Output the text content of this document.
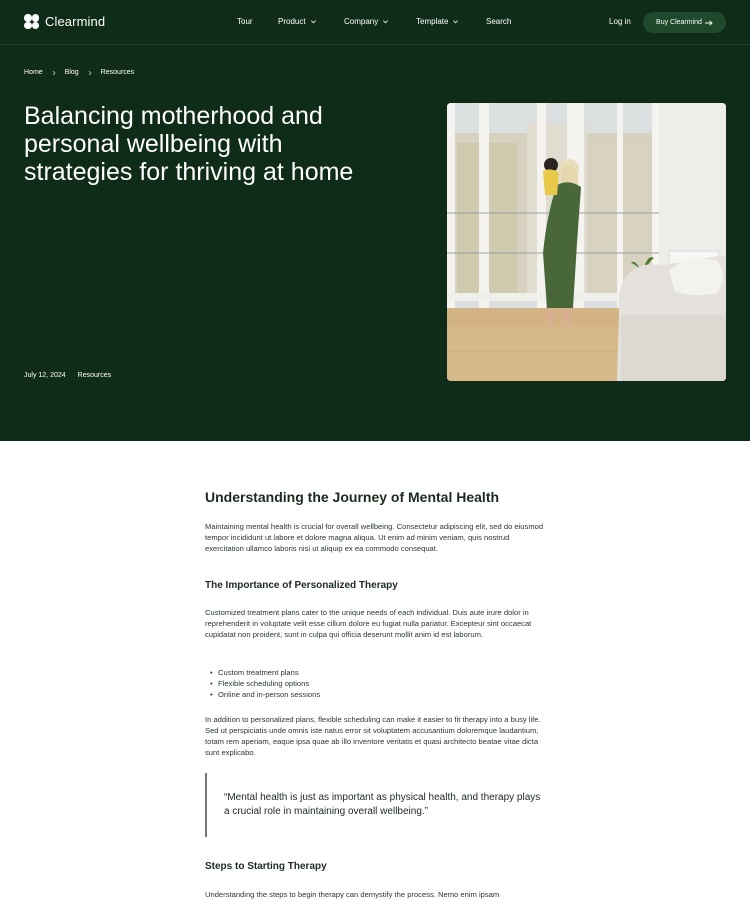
Clearmind	Tour	Product	Company	Template	Search	Log in	Buy Clearmind
Home	Blog	Resources
Balancing motherhood and personal wellbeing with strategies for thriving at home
July 12, 2024 Resources
Understanding the Journey of Mental Health

Maintaining mental health is crucial for overall wellbeing. Consectetur adipiscing elit, sed do eiusmod tempor incididunt ut labore et dolore magna aliqua. Ut enim ad minim veniam, quis nostrud exercitation ullamco laboris nisi ut aliquip ex ea commodo consequat.

The Importance of Personalized Therapy

Customized treatment plans cater to the unique needs of each individual. Duis aute irure dolor in reprehenderit in voluptate velit esse cillum dolore eu fugiat nulla pariatur. Excepteur sint occaecat cupidatat non proident, sunt in culpa qui officia deserunt mollit anim id est laborum.

• Custom treatment plans
• Flexible scheduling options
• Online and in-person sessions

In addition to personalized plans, flexible scheduling can make it easier to fit therapy into a busy life. Sed ut perspiciatis unde omnis iste natus error sit voluptatem accusantium doloremque laudantium, totam rem aperiam, eaque ipsa quae ab illo inventore veritatis et quasi architecto beatae vitae dicta sunt explicabo.

“Mental health is just as important as physical health, and therapy plays a crucial role in maintaining overall wellbeing.”
Steps to Starting Therapy

Understanding the steps to begin therapy can demystify the process. Nemo enim ipsam
